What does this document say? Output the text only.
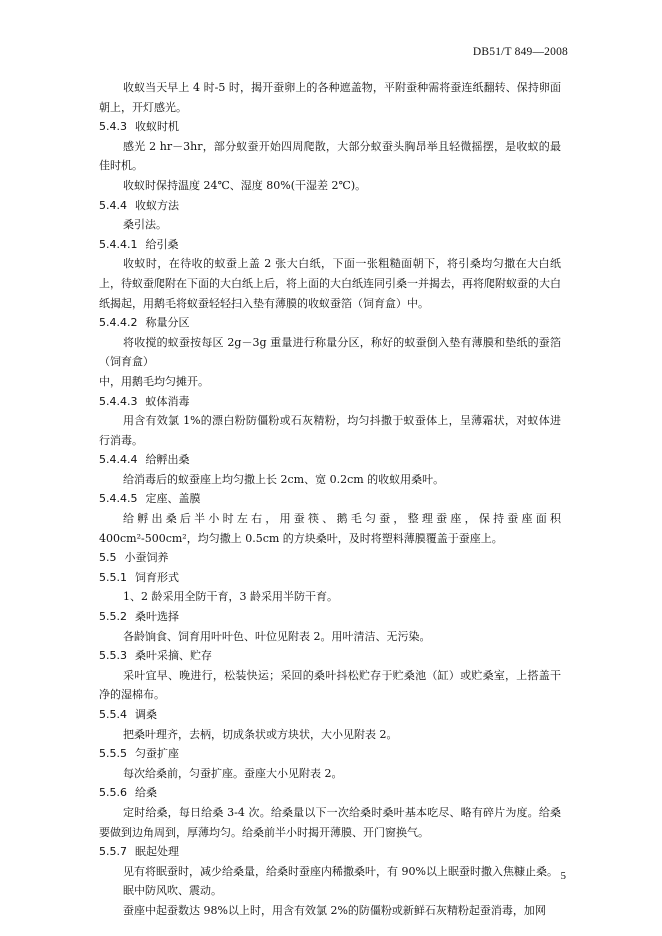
DB51/T 849—2008

收蚁当天早上 4 时-5 时，揭开蚕卵上的各种遮盖物，平附蚕种需将蚕连纸翻转、保持卵面朝上，开灯感光。

5.4.3 收蚁时机

感光 2 hr－3hr，部分蚁蚕开始四周爬散，大部分蚁蚕头胸昂举且轻微摇摆，是收蚁的最佳时机。

收蚁时保持温度 24℃、湿度 80%(干湿差 2℃)。

5.4.4 收蚁方法

桑引法。

5.4.4.1 给引桑

收蚁时，在待收的蚁蚕上盖 2 张大白纸，下面一张粗糙面朝下，将引桑均匀撒在大白纸上，待蚁蚕爬附在下面的大白纸上后，将上面的大白纸连同引桑一并揭去，再将爬附蚁蚕的大白纸揭起，用鹅毛将蚁蚕轻轻扫入垫有薄膜的收蚁蚕箔（饲育盒）中。

5.4.4.2 称量分区

将收搅的蚁蚕按每区 2g－3g 重量进行称量分区，称好的蚁蚕倒入垫有薄膜和垫纸的蚕箔（饲育盒）

中，用鹅毛均匀摊开。

5.4.4.3 蚁体消毒

用含有效氯 1%的漂白粉防僵粉或石灰精粉，均匀抖撒于蚁蚕体上，呈薄霜状，对蚁体进行消毒。

5.4.4.4 给孵出桑

给消毒后的蚁蚕座上均匀撒上长 2cm、宽 0.2cm 的收蚁用桑叶。

5.4.4.5 定座、盖膜

给孵出桑后半小时左右，用蚕筷、鹅毛匀蚕，整理蚕座，保持蚕座面积 400cm²-500cm²，均匀撒上 0.5cm 的方块桑叶，及时将塑料薄膜覆盖于蚕座上。

5.5 小蚕饲养
5.5.1 饲育形式

1、2 龄采用全防干育，3 龄采用半防干育。

5.5.2 桑叶选择

各龄饷食、饲育用叶叶色、叶位见附表 2。用叶清洁、无污染。

5.5.3 桑叶采摘、贮存

采叶宜早、晚进行，松装快运；采回的桑叶抖松贮存于贮桑池（缸）或贮桑室，上搭盖干净的湿棉布。

5.5.4 调桑

把桑叶理齐，去柄，切成条状或方块状，大小见附表 2。

5.5.5 匀蚕扩座

每次给桑前，匀蚕扩座。蚕座大小见附表 2。

5.5.6 给桑

定时给桑，每日给桑 3-4 次。给桑量以下一次给桑时桑叶基本吃尽、略有碎片为度。给桑要做到边角周到，厚薄均匀。给桑前半小时揭开薄膜、开门窗换气。

5.5.7 眠起处理

见有将眠蚕时，减少给桑量，给桑时蚕座内稀撒桑叶，有 90%以上眠蚕时撒入焦糠止桑。

眠中防风吹、震动。

蚕座中起蚕数达 98%以上时，用含有效氯 2%的防僵粉或新鲜石灰精粉起蚕消毒，加网

5
